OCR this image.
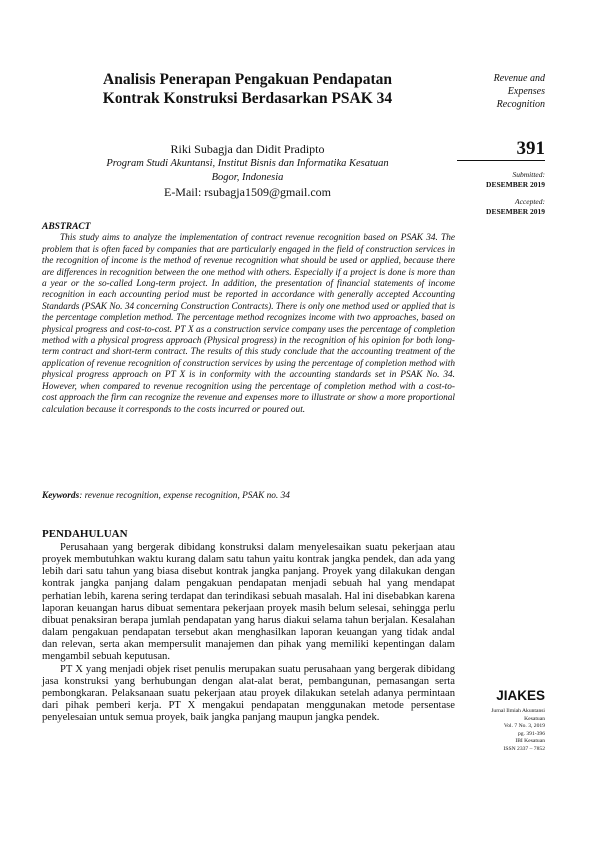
Analisis Penerapan Pengakuan Pendapatan
Kontrak Konstruksi Berdasarkan PSAK 34
Revenue and
Expenses
Recognition
391
Submitted:
DESEMBER 2019
Accepted:
DESEMBER 2019
Riki Subagja dan Didit Pradipto
Program Studi Akuntansi, Institut Bisnis dan Informatika Kesatuan
Bogor, Indonesia
E-Mail: rsubagja1509@gmail.com
ABSTRACT

This study aims to analyze the implementation of contract revenue recognition based on PSAK 34. The problem that is often faced by companies that are particularly engaged in the field of construction services in the recognition of income is the method of revenue recognition what should be used or applied, because there are differences in recognition between the one method with others. Especially if a project is done is more than a year or the so-called Long-term project. In addition, the presentation of financial statements of income recognition in each accounting period must be reported in accordance with generally accepted Accounting Standards (PSAK No. 34 concerning Construction Contracts). There is only one method used or applied that is the percentage completion method. The percentage method recognizes income with two approaches, based on physical progress and cost-to-cost. PT X as a construction service company uses the percentage of completion method with a physical progress approach (Physical progress) in the recognition of his opinion for both long-term contract and short-term contract. The results of this study conclude that the accounting treatment of the application of revenue recognition of construction services by using the percentage of completion method with physical progress approach on PT X is in conformity with the accounting standards set in PSAK No. 34. However, when compared to revenue recognition using the percentage of completion method with a cost-to-cost approach the firm can recognize the revenue and expenses more to illustrate or show a more proportional calculation because it corresponds to the costs incurred or poured out.

Keywords: revenue recognition, expense recognition, PSAK no. 34
PENDAHULUAN

Perusahaan yang bergerak dibidang konstruksi dalam menyelesaikan suatu pekerjaan atau proyek membutuhkan waktu kurang dalam satu tahun yaitu kontrak jangka pendek, dan ada yang lebih dari satu tahun yang biasa disebut kontrak jangka panjang. Proyek yang dilakukan dengan kontrak jangka panjang dalam pengakuan pendapatan menjadi sebuah hal yang mendapat perhatian lebih, karena sering terdapat dan terindikasi sebuah masalah. Hal ini disebabkan karena laporan keuangan harus dibuat sementara pekerjaan proyek masih belum selesai, sehingga perlu dibuat penaksiran berapa jumlah pendapatan yang harus diakui selama tahun berjalan. Kesalahan dalam pengakuan pendapatan tersebut akan menghasilkan laporan keuangan yang tidak andal dan relevan, serta akan mempersulit manajemen dan pihak yang memiliki kepentingan dalam mengambil sebuah keputusan.

PT X yang menjadi objek riset penulis merupakan suatu perusahaan yang bergerak dibidang jasa konstruksi yang berhubungan dengan alat-alat berat, pembangunan, pemasangan serta pembongkaran. Pelaksanaan suatu pekerjaan atau proyek dilakukan setelah adanya permintaan dari pihak pemberi kerja. PT X mengakui pendapatan menggunakan metode persentase penyelesaian untuk semua proyek, baik jangka panjang maupun jangka pendek.

JIAKES
Jurnal Ilmiah Akuntansi
Kesatuan
Vol. 7 No. 3, 2019
pg. 391-396
IBI Kesatuan
ISSN 2337 – 7852
